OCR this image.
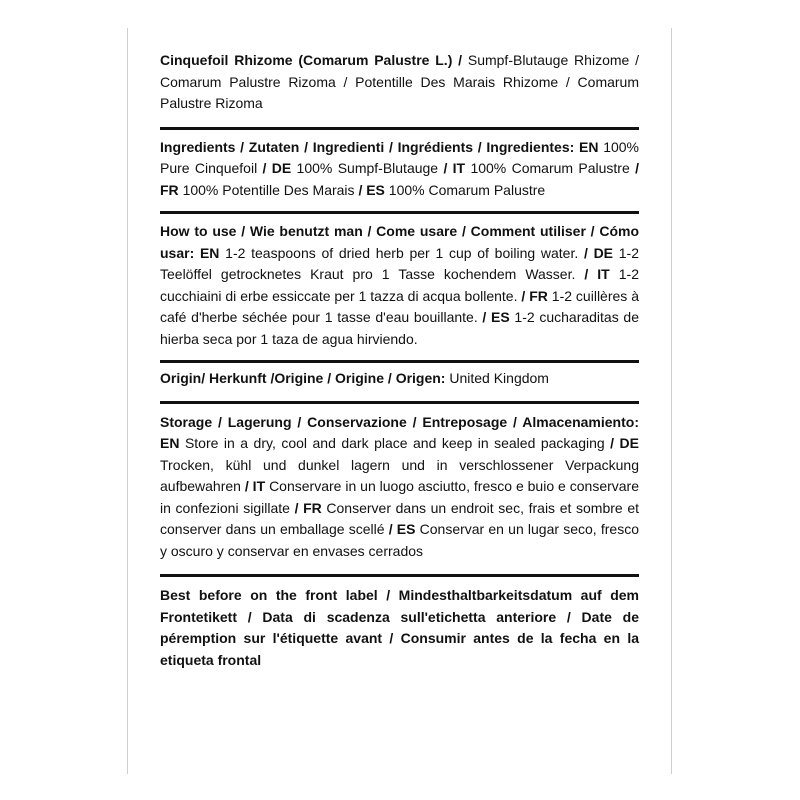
Cinquefoil Rhizome (Comarum Palustre L.) / Sumpf-Blutauge Rhizome / Comarum Palustre Rizoma / Potentille Des Marais Rhizome / Comarum Palustre Rizoma
Ingredients / Zutaten / Ingredienti / Ingrédients / Ingredientes: EN 100% Pure Cinquefoil / DE 100% Sumpf-Blutauge / IT 100% Comarum Palustre / FR 100% Potentille Des Marais / ES 100% Comarum Palustre
How to use / Wie benutzt man / Come usare / Comment utiliser / Cómo usar: EN 1-2 teaspoons of dried herb per 1 cup of boiling water. / DE 1-2 Teelöffel getrocknetes Kraut pro 1 Tasse kochendem Wasser. / IT 1-2 cucchiaini di erbe essiccate per 1 tazza di acqua bollente. / FR 1-2 cuillères à café d'herbe séchée pour 1 tasse d'eau bouillante. / ES 1-2 cucharaditas de hierba seca por 1 taza de agua hirviendo.
Origin/ Herkunft /Origine / Origine / Origen: United Kingdom
Storage / Lagerung / Conservazione / Entreposage / Almacenamiento: EN Store in a dry, cool and dark place and keep in sealed packaging / DE Trocken, kühl und dunkel lagern und in verschlossener Verpackung aufbewahren / IT Conservare in un luogo asciutto, fresco e buio e conservare in confezioni sigillate / FR Conserver dans un endroit sec, frais et sombre et conserver dans un emballage scellé / ES Conservar en un lugar seco, fresco y oscuro y conservar en envases cerrados
Best before on the front label / Mindesthaltbarkeitsdatum auf dem Frontetikett / Data di scadenza sull'etichetta anteriore / Date de péremption sur l'étiquette avant / Consumir antes de la fecha en la etiqueta frontal
